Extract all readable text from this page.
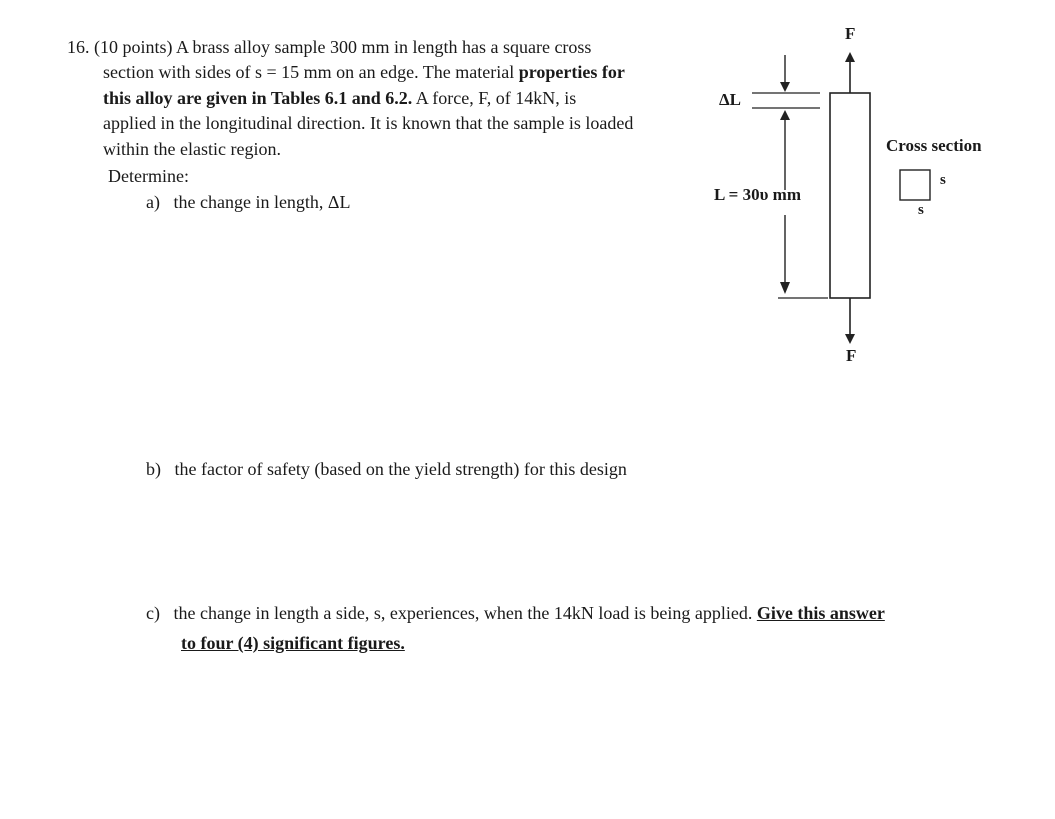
16. (10 points) A brass alloy sample 300 mm in length has a square cross
section with sides of s = 15 mm on an edge. The material properties for
this alloy are given in Tables 6.1 and 6.2. A force, F, of 14kN, is
applied in the longitudinal direction. It is known that the sample is loaded
within the elastic region.
Determine:
a) the change in length, ΔL
b) the factor of safety (based on the yield strength) for this design
c) the change in length a side, s, experiences, when the 14kN load is being applied. Give this answer
to four (4) significant figures.
F
F
ΔL
L = 30υ mm
Cross section
s
s
